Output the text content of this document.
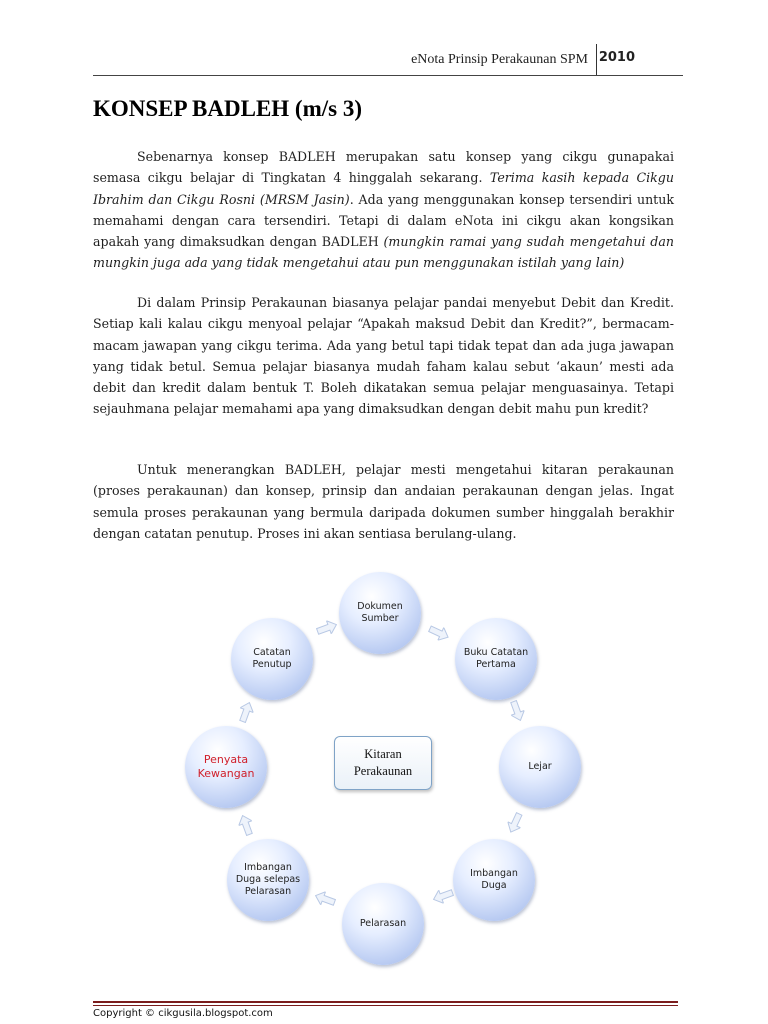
eNota Prinsip Perakaunan SPM 2010
KONSEP BADLEH (m/s 3)

Sebenarnya konsep BADLEH merupakan satu konsep yang cikgu gunapakai semasa cikgu belajar di Tingkatan 4 hinggalah sekarang. Terima kasih kepada Cikgu Ibrahim dan Cikgu Rosni (MRSM Jasin). Ada yang menggunakan konsep tersendiri untuk memahami dengan cara tersendiri. Tetapi di dalam eNota ini cikgu akan kongsikan apakah yang dimaksudkan dengan BADLEH (mungkin ramai yang sudah mengetahui dan mungkin juga ada yang tidak mengetahui atau pun menggunakan istilah yang lain)

Di dalam Prinsip Perakaunan biasanya pelajar pandai menyebut Debit dan Kredit. Setiap kali kalau cikgu menyoal pelajar “Apakah maksud Debit dan Kredit?”, bermacam-macam jawapan yang cikgu terima. Ada yang betul tapi tidak tepat dan ada juga jawapan yang tidak betul. Semua pelajar biasanya mudah faham kalau sebut ‘akaun’ mesti ada debit dan kredit dalam bentuk T. Boleh dikatakan semua pelajar menguasainya. Tetapi sejauhmana pelajar memahami apa yang dimaksudkan dengan debit mahu pun kredit?

Untuk menerangkan BADLEH, pelajar mesti mengetahui kitaran perakaunan (proses perakaunan) dan konsep, prinsip dan andaian perakaunan dengan jelas. Ingat semula proses perakaunan yang bermula daripada dokumen sumber hinggalah berakhir dengan catatan penutup. Proses ini akan sentiasa berulang-ulang.

Kitaran Perakaunan
Dokumen Sumber
Buku Catatan Pertama
Lejar
Imbangan Duga
Pelarasan
Imbangan Duga selepas Pelarasan
Penyata Kewangan
Catatan Penutup
Copyright © cikgusila.blogspot.com
